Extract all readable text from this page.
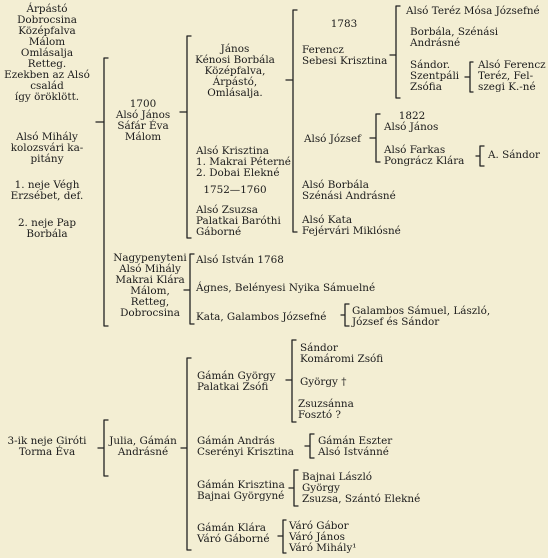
Árpástó
Dobrocsina
Középfalva
Málom
Omlásalja
Retteg.
Ezekben az Alsó
család
így öröklött.
Alsó Mihály
kolozsvári ka-
pitány
1. neje Végh
Erzsébet, def.
2. neje Pap
Borbála
3-ik neje Giróti
Torma Éva
1700
Alsó János
Sáfár Éva
Málom
Nagypenyteni
Alsó Mihály
Makrai Klára
Málom,
Retteg,
Dobrocsina
Julia, Gámán
Andrásné
János
Kénosi Borbála
Középfalva,
Árpástó,
Omlásalja.
Alsó Krisztina
1. Makrai Péterné
2. Dobai Elekné
1752—1760
Alsó Zsuzsa
Palatkai Baróthi
Gáborné
Alsó István 1768
Ágnes, Belényesi Nyika Sámuelné
Kata, Galambos Józsefné
Gámán György
Palatkai Zsófi
Gámán András
Cserényi Krisztina
Gámán Krisztina
Bajnai Györgyné
Gámán Klára
Váró Gáborné
1783
Ferencz
Sebesi Krisztina
Alsó József
Alsó Borbála
Szénási Andrásné
Alsó Kata
Fejérvári Miklósné
Galambos Sámuel, László,
József és Sándor
Sándor
Komáromi Zsófi
György †
Zsuzsánna
Fosztó ?
Gámán Eszter
Alsó Istvánné
Bajnai László
György
Zsuzsa, Szántó Elekné
Váró Gábor
Váró János
Váró Mihály¹
Alsó Teréz Mósa Józsefné
Borbála, Szénási
Andrásné
Sándor.
Szentpáli
Zsófia
Alsó Ferencz
Teréz, Fel-
szegi K.-né
1822
Alsó János
Alsó Farkas
Pongrácz Klára A. Sándor
